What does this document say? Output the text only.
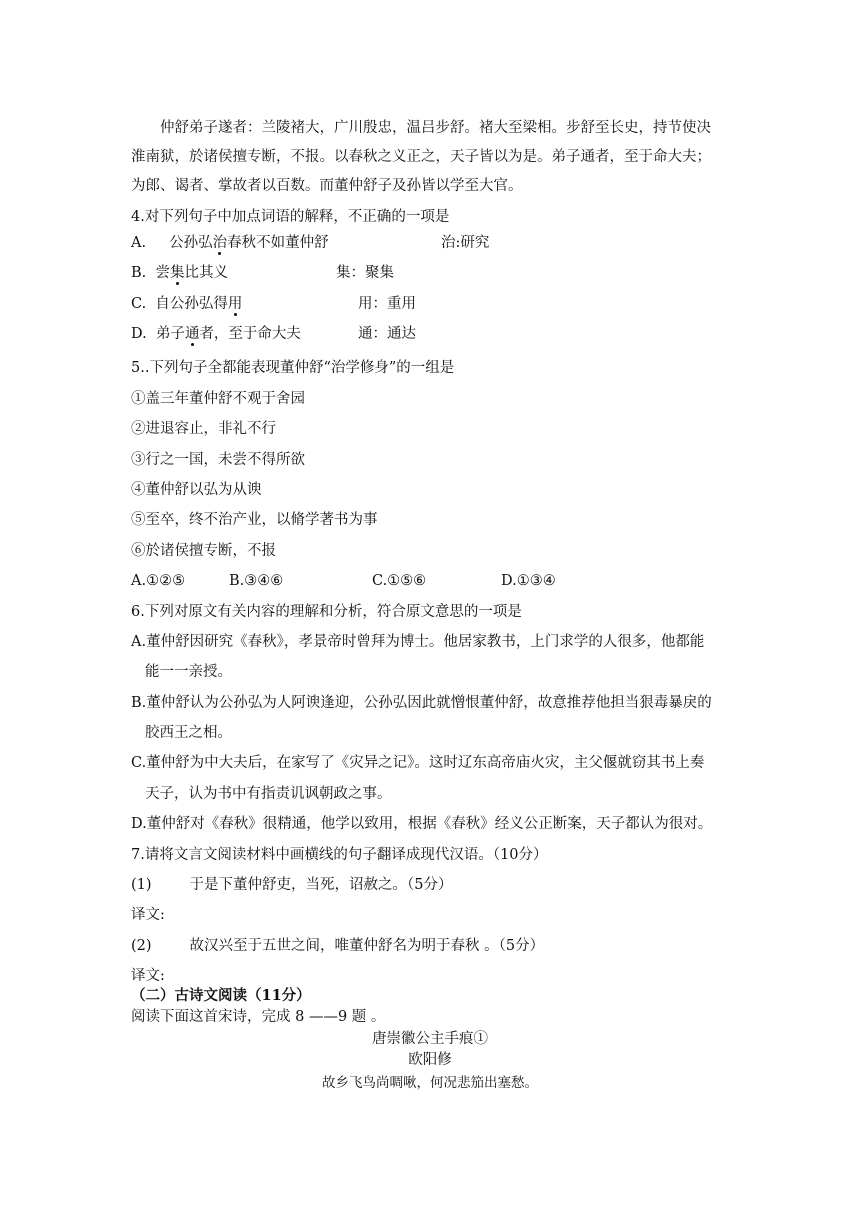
仲舒弟子遂者：兰陵褚大，广川殷忠，温吕步舒。褚大至梁相。步舒至长史，持节使决
淮南狱，於诸侯擅专断，不报。以春秋之义正之，天子皆以为是。弟子通者，至于命大夫；
为郎、谒者、掌故者以百数。而董仲舒子及孙皆以学至大官。
4.对下列句子中加点词语的解释，不正确的一项是
A. 公孙弘治春秋不如董仲舒	治:研究
B. 尝集比其义	集：聚集
C. 自公孙弘得用	用：重用
D. 弟子通者，至于命大夫	通：通达
5..下列句子全都能表现董仲舒“治学修身”的一组是
①盖三年董仲舒不观于舍园
②进退容止，非礼不行
③行之一国，未尝不得所欲
④董仲舒以弘为从谀
⑤至卒，终不治产业，以脩学著书为事
⑥於诸侯擅专断，不报
A.①②⑤	B.③④⑥	C.①⑤⑥	D.①③④
6.下列对原文有关内容的理解和分析，符合原文意思的一项是
A.董仲舒因研究《春秋》，孝景帝时曾拜为博士。他居家教书，上门求学的人很多，他都能
能一一亲授。
B.董仲舒认为公孙弘为人阿谀逢迎，公孙弘因此就憎恨董仲舒，故意推荐他担当狠毒暴戾的
胶西王之相。
C.董仲舒为中大夫后，在家写了《灾异之记》。这时辽东高帝庙火灾，主父偃就窃其书上奏
天子，认为书中有指责讥讽朝政之事。
D.董仲舒对《春秋》很精通，他学以致用，根据《春秋》经义公正断案，天子都认为很对。
7.请将文言文阅读材料中画横线的句子翻译成现代汉语。（10分）
(1)	于是下董仲舒吏，当死，诏赦之。（5分）
译文:
(2)	故汉兴至于五世之间，唯董仲舒名为明于春秋 。（5分）
译文:
（二）古诗文阅读（11分）
阅读下面这首宋诗，完成 8 ——9 题 。
唐崇徽公主手痕①
欧阳修
故乡飞鸟尚啁啾，何况悲笳出塞愁。
